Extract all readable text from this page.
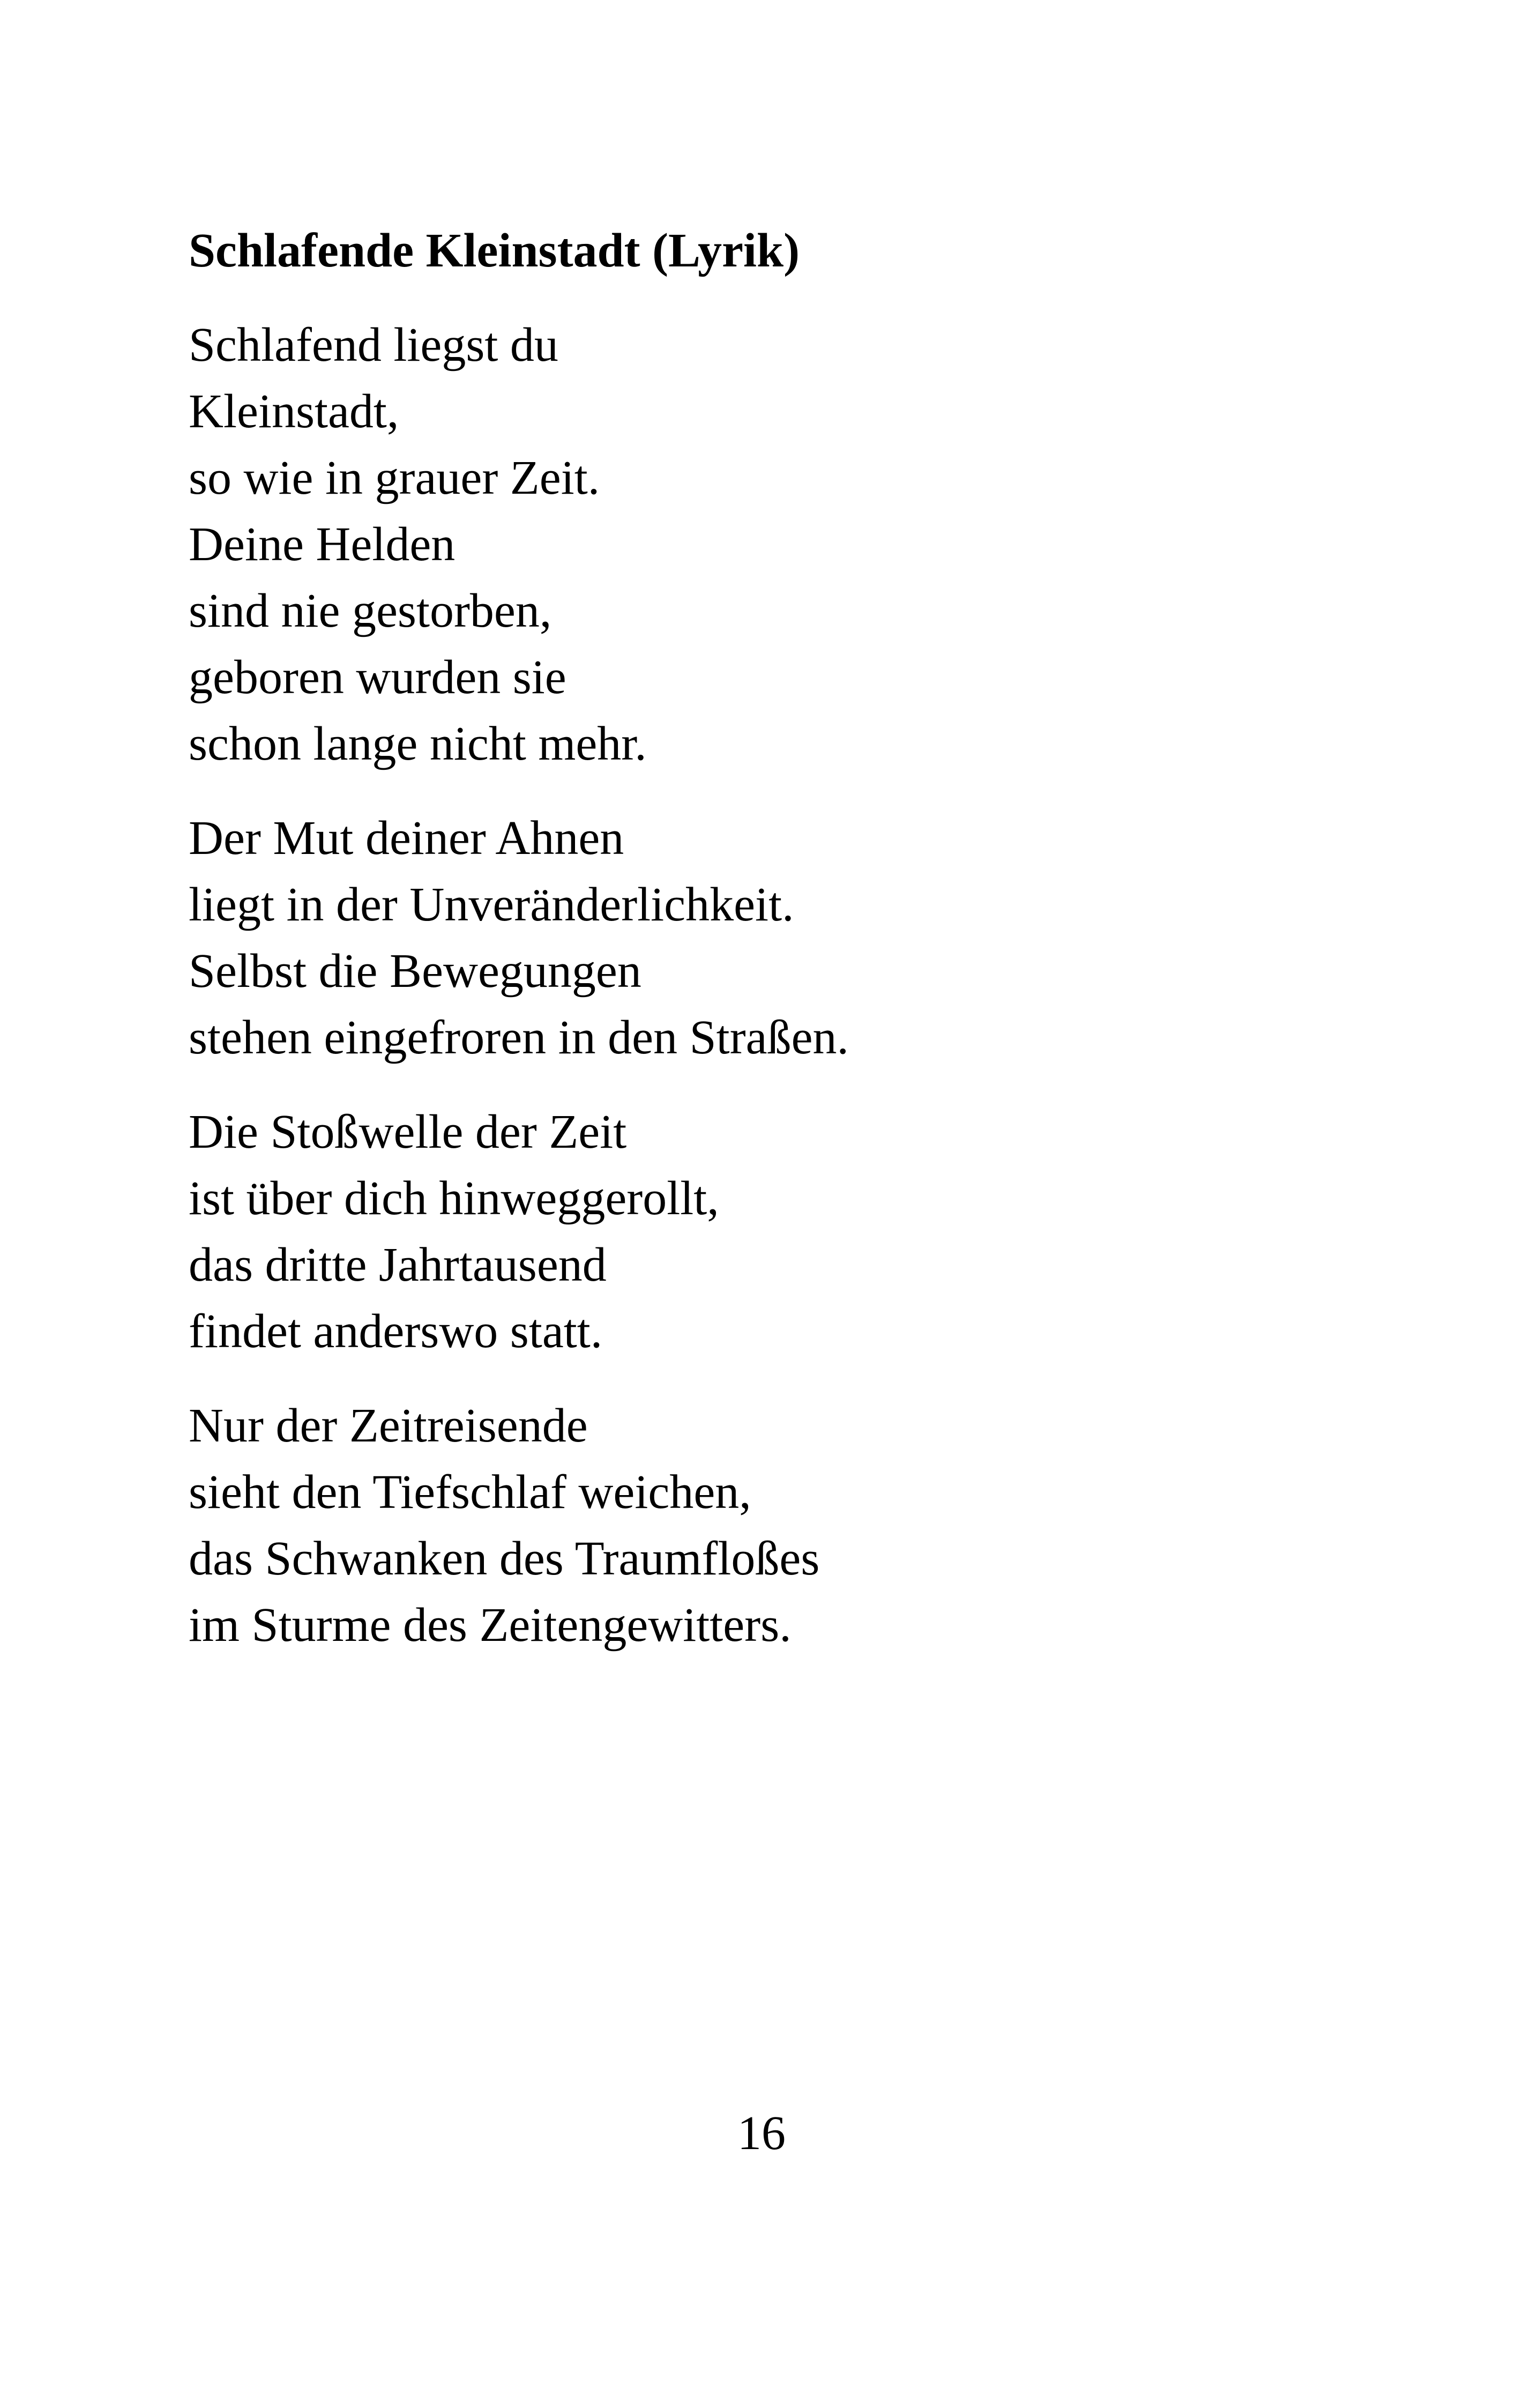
Schlafende Kleinstadt (Lyrik)
Schlafend liegst du
Kleinstadt,
so wie in grauer Zeit.
Deine Helden
sind nie gestorben,
geboren wurden sie
schon lange nicht mehr.
Der Mut deiner Ahnen
liegt in der Unveränderlichkeit.
Selbst die Bewegungen
stehen eingefroren in den Straßen.
Die Stoßwelle der Zeit
ist über dich hinweggerollt,
das dritte Jahrtausend
findet anderswo statt.
Nur der Zeitreisende
sieht den Tiefschlaf weichen,
das Schwanken des Traumfloßes
im Sturme des Zeitengewitters.
16
